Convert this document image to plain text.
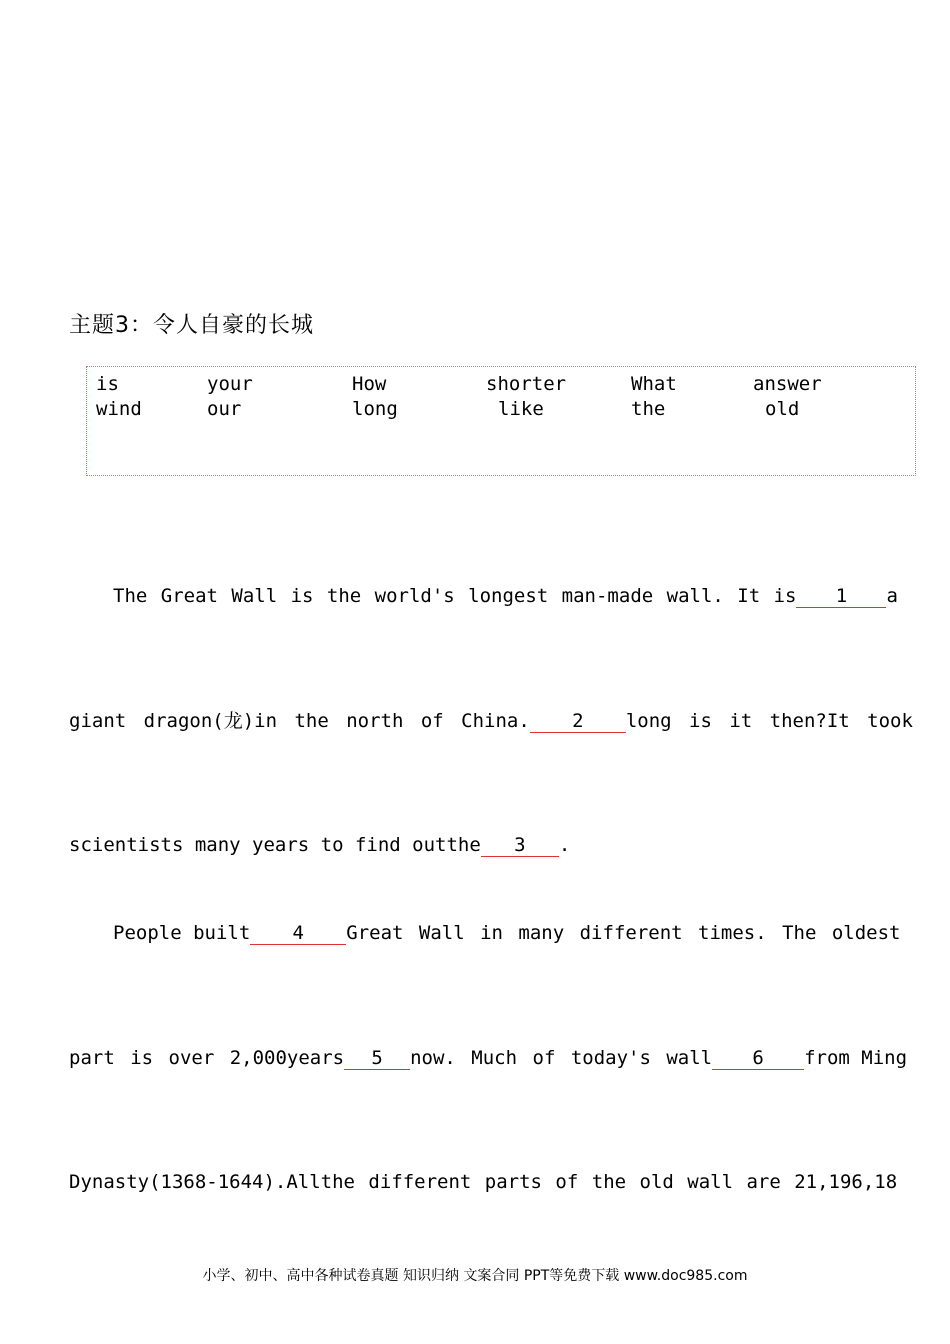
主题3：令人自豪的长城
is	your	How	shorter	What	answer
wind	our	long	like	the	old
The Great Wall is the world's longest man-made wall. It is	1 a
giant dragon(龙)in the north of China. 2	long is it then?It took
scientists many years to find outthe 3 .
People built 4	Great Wall in many different times. The oldest
part is over 2,000years 5 now. Much of today's wall 6	from Ming
Dynasty(1368-1644).Allthe different parts of the old wall are 21,196,18
小学、初中、高中各种试卷真题 知识归纳 文案合同 PPT等免费下载 www.doc985.com
